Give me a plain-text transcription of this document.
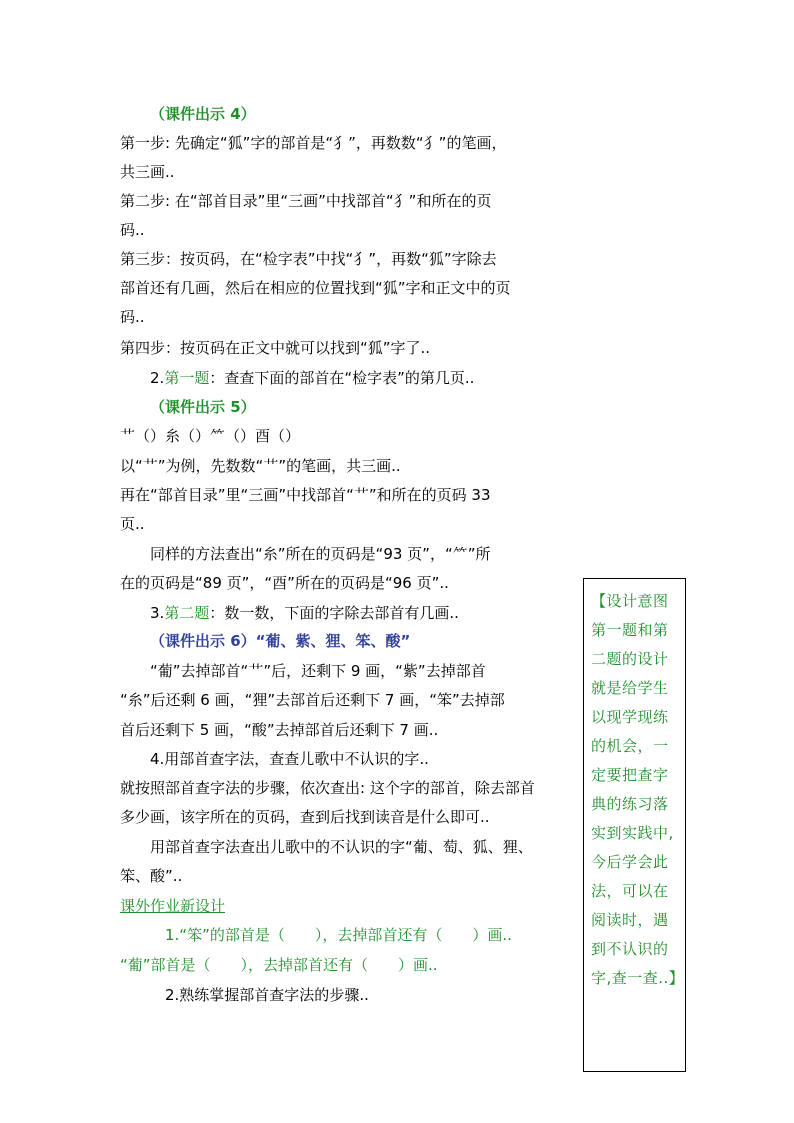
（课件出示 4）
第一步: 先确定“狐”字的部首是“犭”，再数数“犭”的笔画，
共三画..
第二步: 在“部首目录”里“三画”中找部首“犭”和所在的页
码..
第三步：按页码，在“检字表”中找“犭”，再数“狐”字除去
部首还有几画，然后在相应的位置找到“狐”字和正文中的页
码..
第四步：按页码在正文中就可以找到“狐”字了..
2.第一题：查查下面的部首在“检字表”的第几页..
（课件出示 5）
艹（）糸（）⺮（）酉（）
以“艹”为例，先数数“艹”的笔画，共三画..
再在“部首目录”里“三画”中找部首“艹”和所在的页码 33
页..
同样的方法查出“糸”所在的页码是“93 页”，“⺮”所
在的页码是“89 页”，“酉”所在的页码是“96 页”..
3.第二题：数一数，下面的字除去部首有几画..
（课件出示 6）“葡、紫、狸、笨、酸”
“葡”去掉部首“艹”后，还剩下 9 画，“紫”去掉部首
“糸”后还剩 6 画，“狸”去部首后还剩下 7 画，“笨”去掉部
首后还剩下 5 画，“酸”去掉部首后还剩下 7 画..
4.用部首查字法，查查儿歌中不认识的字..
就按照部首查字法的步骤，依次查出: 这个字的部首，除去部首
多少画，该字所在的页码，查到后找到读音是什么即可..
用部首查字法查出儿歌中的不认识的字“葡、萄、狐、狸、
笨、酸”..
课外作业新设计
1.“笨”的部首是（　　），去掉部首还有（　　）画..
“葡”部首是（　　），去掉部首还有（　　）画..
2.熟练掌握部首查字法的步骤..
【设计意图
第一题和第
二题的设计
就是给学生
以现学现练
的机会，一
定要把查字
典的练习落
实到实践中,
今后学会此
法，可以在
阅读时，遇
到不认识的
字,查一查..】
